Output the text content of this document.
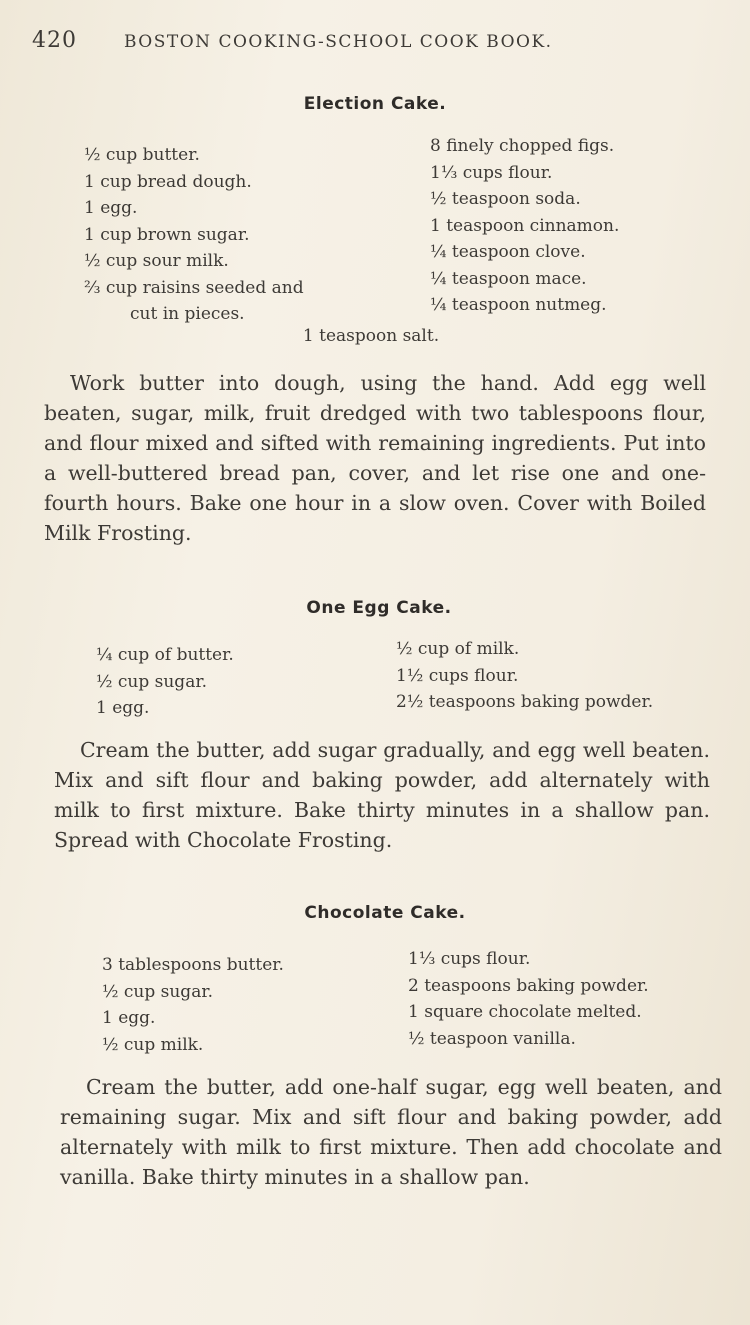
420	BOSTON COOKING-SCHOOL COOK BOOK.
Election Cake.
½ cup butter.
1 cup bread dough.
1 egg.
1 cup brown sugar.
½ cup sour milk.
⅔ cup raisins seeded and
cut in pieces.
8 finely chopped figs.
1⅓ cups flour.
½ teaspoon soda.
1 teaspoon cinnamon.
¼ teaspoon clove.
¼ teaspoon mace.
¼ teaspoon nutmeg.
1 teaspoon salt.

Work butter into dough, using the hand. Add egg well beaten, sugar, milk, fruit dredged with two tablespoons flour, and flour mixed and sifted with remaining ingredients. Put into a well-buttered bread pan, cover, and let rise one and one-fourth hours. Bake one hour in a slow oven. Cover with Boiled Milk Frosting.

One Egg Cake.
¼ cup of butter.
½ cup sugar.
1 egg.
½ cup of milk.
1½ cups flour.
2½ teaspoons baking powder.

Cream the butter, add sugar gradually, and egg well beaten. Mix and sift flour and baking powder, add alternately with milk to first mixture. Bake thirty minutes in a shallow pan. Spread with Chocolate Frosting.

Chocolate Cake.
3 tablespoons butter.
½ cup sugar.
1 egg.
½ cup milk.
1⅓ cups flour.
2 teaspoons baking powder.
1 square chocolate melted.
½ teaspoon vanilla.

Cream the butter, add one-half sugar, egg well beaten, and remaining sugar. Mix and sift flour and baking powder, add alternately with milk to first mixture. Then add chocolate and vanilla. Bake thirty minutes in a shallow pan.
